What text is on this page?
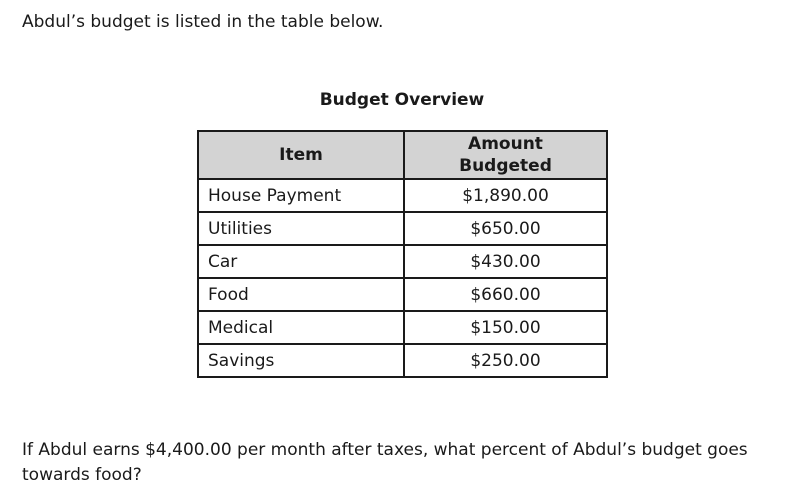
Abdul’s budget is listed in the table below.
Budget Overview
Item	Amount
Budgeted

House Payment	$1,890.00
Utilities	$650.00
Car	$430.00
Food	$660.00
Medical	$150.00
Savings	$250.00
If Abdul earns $4,400.00 per month after taxes, what percent of Abdul’s budget goes towards food?
